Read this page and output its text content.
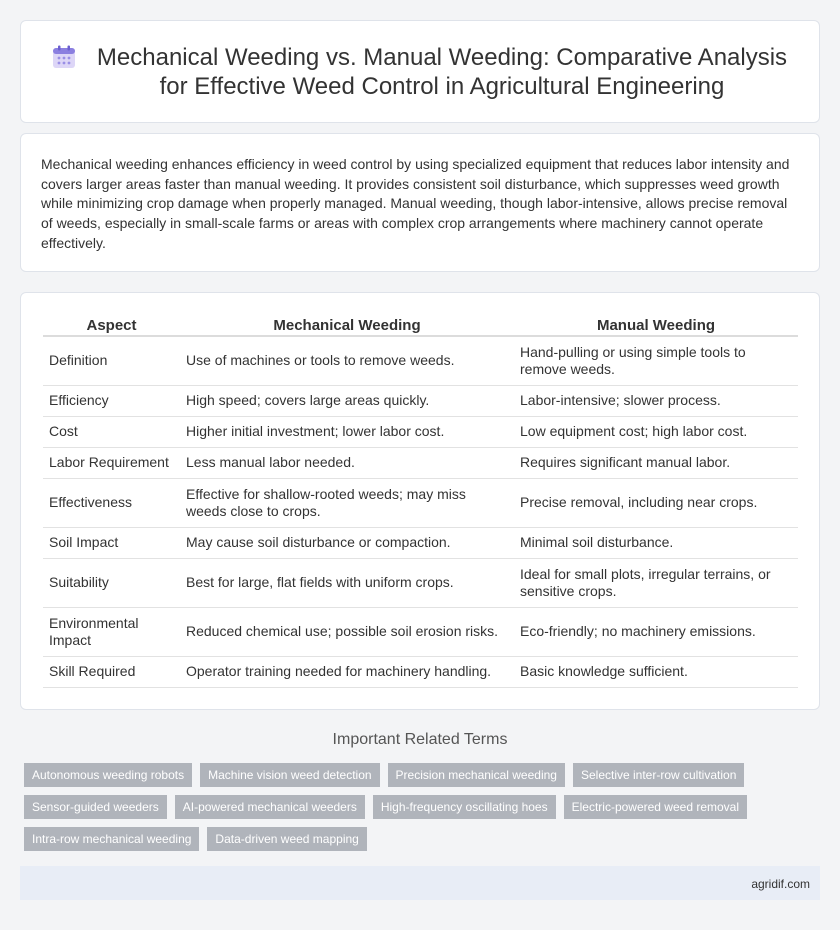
Mechanical Weeding vs. Manual Weeding: Comparative Analysis for Effective Weed Control in Agricultural Engineering

Mechanical weeding enhances efficiency in weed control by using specialized equipment that reduces labor intensity and covers larger areas faster than manual weeding. It provides consistent soil disturbance, which suppresses weed growth while minimizing crop damage when properly managed. Manual weeding, though labor-intensive, allows precise removal of weeds, especially in small-scale farms or areas with complex crop arrangements where machinery cannot operate effectively.

Aspect	Mechanical Weeding	Manual Weeding
Definition	Use of machines or tools to remove weeds.	Hand-pulling or using simple tools to remove weeds.
Efficiency	High speed; covers large areas quickly.	Labor-intensive; slower process.
Cost	Higher initial investment; lower labor cost.	Low equipment cost; high labor cost.
Labor Requirement	Less manual labor needed.	Requires significant manual labor.
Effectiveness	Effective for shallow-rooted weeds; may miss weeds close to crops.	Precise removal, including near crops.
Soil Impact	May cause soil disturbance or compaction.	Minimal soil disturbance.
Suitability	Best for large, flat fields with uniform crops.	Ideal for small plots, irregular terrains, or sensitive crops.
Environmental Impact	Reduced chemical use; possible soil erosion risks.	Eco-friendly; no machinery emissions.
Skill Required	Operator training needed for machinery handling.	Basic knowledge sufficient.
Important Related Terms
Autonomous weeding robots	Machine vision weed detection	Precision mechanical weeding	Selective inter-row cultivation
Sensor-guided weeders	AI-powered mechanical weeders	High-frequency oscillating hoes	Electric-powered weed removal
Intra-row mechanical weeding	Data-driven weed mapping
agridif.com
